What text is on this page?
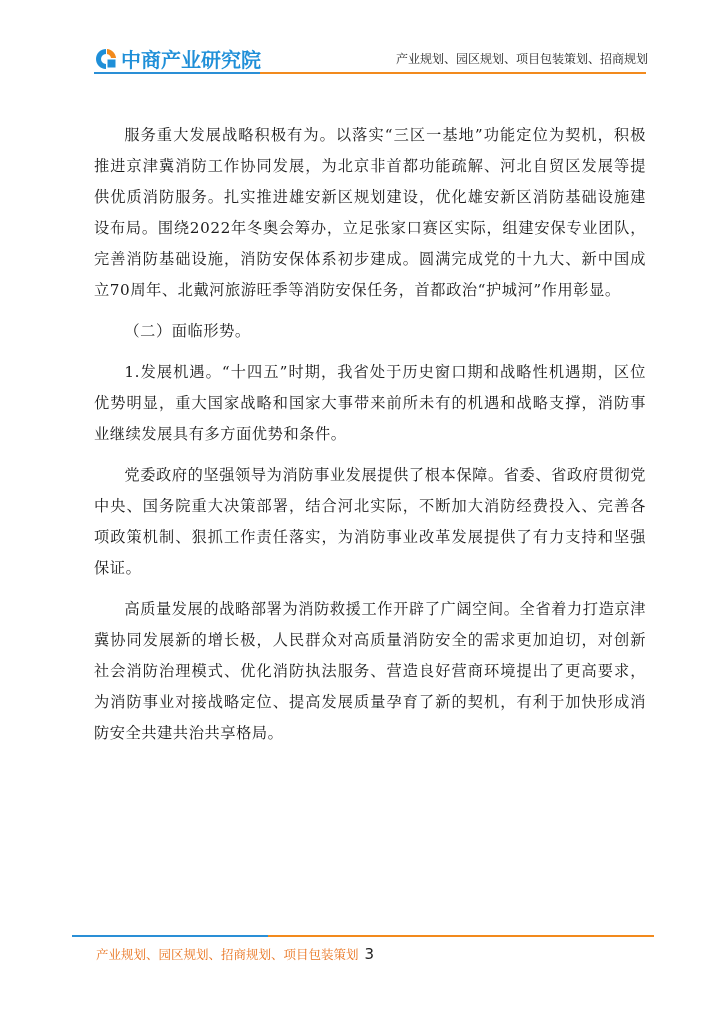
中商产业研究院	产业规划、园区规划、项目包装策划、招商规划

服务重大发展战略积极有为。以落实“三区一基地”功能定位为契机，积极推进京津冀消防工作协同发展，为北京非首都功能疏解、河北自贸区发展等提供优质消防服务。扎实推进雄安新区规划建设，优化雄安新区消防基础设施建设布局。围绕2022年冬奥会筹办，立足张家口赛区实际，组建安保专业团队，完善消防基础设施，消防安保体系初步建成。圆满完成党的十九大、新中国成立70周年、北戴河旅游旺季等消防安保任务，首都政治“护城河”作用彰显。

（二）面临形势。

1.发展机遇。“十四五”时期，我省处于历史窗口期和战略性机遇期，区位优势明显，重大国家战略和国家大事带来前所未有的机遇和战略支撑，消防事业继续发展具有多方面优势和条件。

党委政府的坚强领导为消防事业发展提供了根本保障。省委、省政府贯彻党中央、国务院重大决策部署，结合河北实际，不断加大消防经费投入、完善各项政策机制、狠抓工作责任落实，为消防事业改革发展提供了有力支持和坚强保证。

高质量发展的战略部署为消防救援工作开辟了广阔空间。全省着力打造京津冀协同发展新的增长极，人民群众对高质量消防安全的需求更加迫切，对创新社会消防治理模式、优化消防执法服务、营造良好营商环境提出了更高要求，为消防事业对接战略定位、提高发展质量孕育了新的契机，有利于加快形成消防安全共建共治共享格局。

产业规划、园区规划、招商规划、项目包装策划 3
